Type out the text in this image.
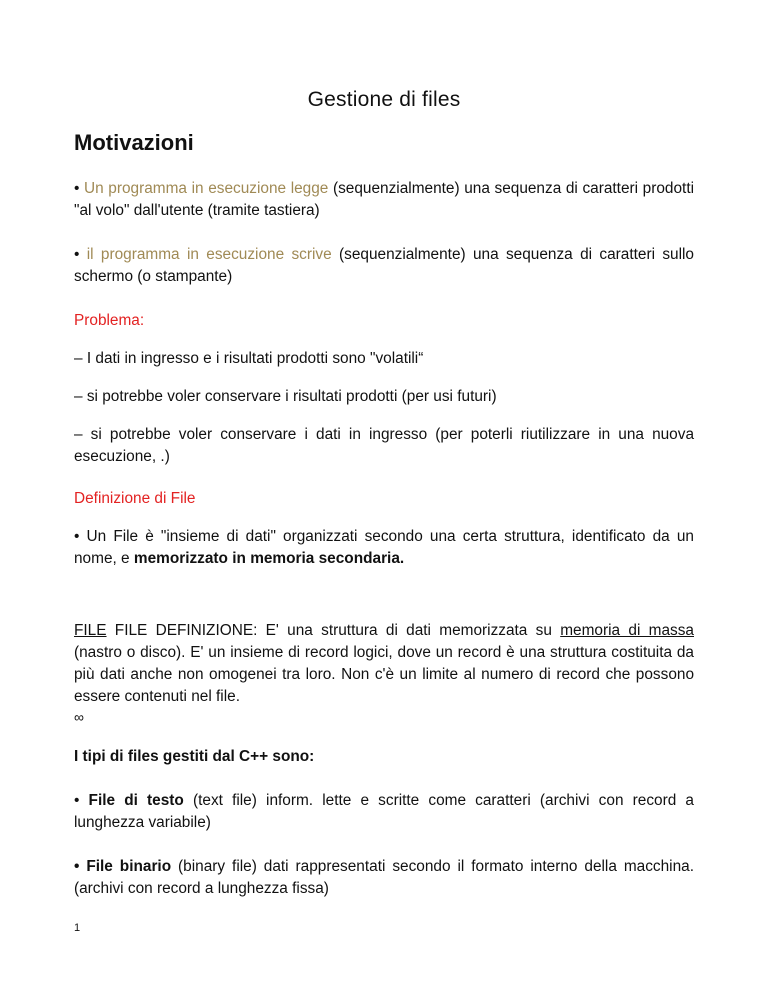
Gestione di files
Motivazioni
• Un programma in esecuzione legge (sequenzialmente) una sequenza di caratteri prodotti "al volo" dall'utente (tramite tastiera)
• il programma in esecuzione scrive (sequenzialmente) una sequenza di caratteri sullo schermo (o stampante)
Problema:
– I dati in ingresso e i risultati prodotti sono "volatili“
– si potrebbe voler conservare i risultati prodotti (per usi futuri)
– si potrebbe voler conservare i dati in ingresso (per poterli riutilizzare in una nuova esecuzione, .)
Definizione di File
• Un File è "insieme di dati" organizzati secondo una certa struttura, identificato da un nome, e memorizzato in memoria secondaria.
FILE FILE DEFINIZIONE: E' una struttura di dati memorizzata su memoria di massa (nastro o disco). E' un insieme di record logici, dove un record è una struttura costituita da più dati anche non omogenei tra loro. Non c'è un limite al numero di record che possono essere contenuti nel file.
∞
I tipi di files gestiti dal C++ sono:
• File di testo (text file) inform. lette e scritte come caratteri (archivi con record a lunghezza variabile)
• File binario (binary file) dati rappresentati secondo il formato interno della macchina. (archivi con record a lunghezza fissa)
1
